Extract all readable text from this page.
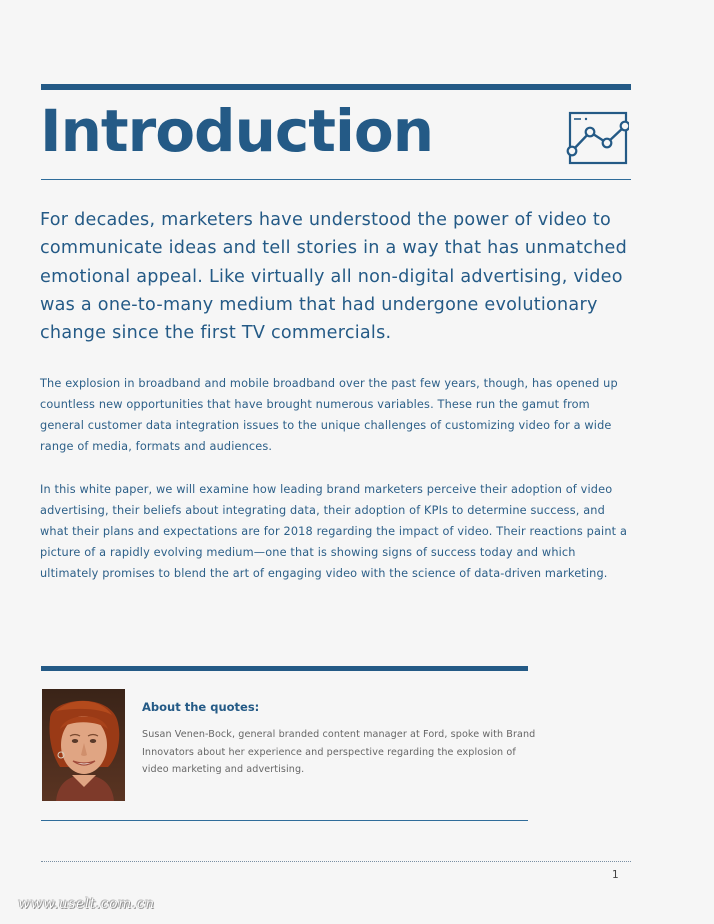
Introduction

For decades, marketers have understood the power of video to communicate ideas and tell stories in a way that has unmatched emotional appeal. Like virtually all non-digital advertising, video was a one-to-many medium that had undergone evolutionary change since the first TV commercials.

The explosion in broadband and mobile broadband over the past few years, though, has opened up countless new opportunities that have brought numerous variables. These run the gamut from general customer data integration issues to the unique challenges of customizing video for a wide range of media, formats and audiences.

In this white paper, we will examine how leading brand marketers perceive their adoption of video advertising, their beliefs about integrating data, their adoption of KPIs to determine success, and what their plans and expectations are for 2018 regarding the impact of video. Their reactions paint a picture of a rapidly evolving medium—one that is showing signs of success today and which ultimately promises to blend the art of engaging video with the science of data-driven marketing.

About the quotes:

Susan Venen-Bock, general branded content manager at Ford, spoke with Brand Innovators about her experience and perspective regarding the explosion of video marketing and advertising.

1
www.uselt.com.cn
